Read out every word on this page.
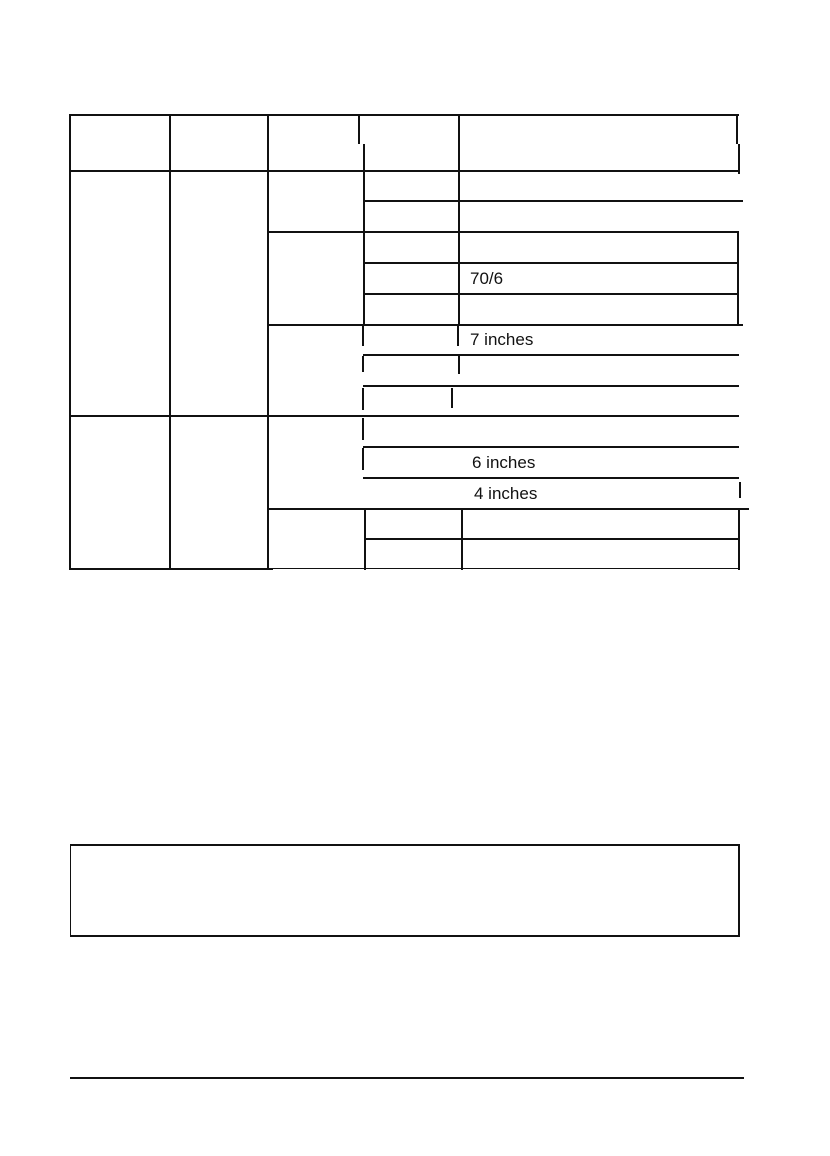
70/6
7 inches
6 inches
4 inches
